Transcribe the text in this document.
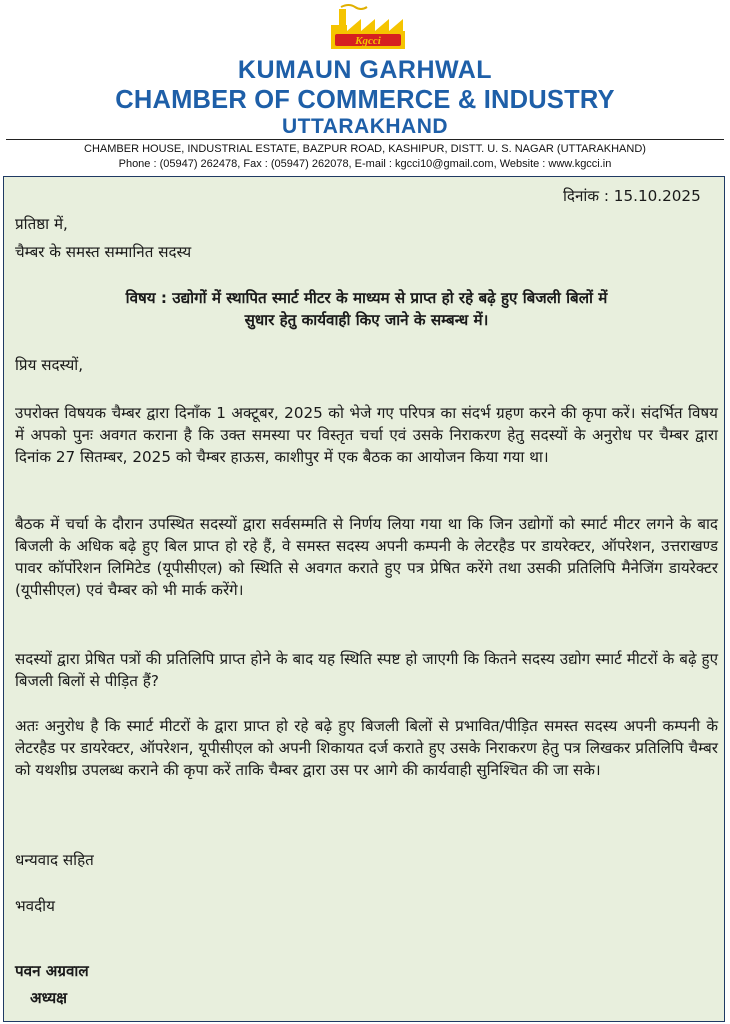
Kgcci
KUMAUN GARHWAL
CHAMBER OF COMMERCE & INDUSTRY
UTTARAKHAND
CHAMBER HOUSE, INDUSTRIAL ESTATE, BAZPUR ROAD, KASHIPUR, DISTT. U. S. NAGAR (UTTARAKHAND)
Phone : (05947) 262478, Fax : (05947) 262078, E-mail : kgcci10@gmail.com, Website : www.kgcci.in
दिनांक : 15.10.2025
प्रतिष्ठा में,
चैम्बर के समस्त सम्मानित सदस्य
विषय : उद्योगों में स्थापित स्मार्ट मीटर के माध्यम से प्राप्त हो रहे बढ़े हुए बिजली बिलों में
सुधार हेतु कार्यवाही किए जाने के सम्बन्ध में।
प्रिय सदस्यों,
उपरोक्त विषयक चैम्बर द्वारा दिनाँक 1 अक्टूबर, 2025 को भेजे गए परिपत्र का संदर्भ ग्रहण करने की कृपा करें। संदर्भित विषय में अपको पुनः अवगत कराना है कि उक्त समस्या पर विस्तृत चर्चा एवं उसके निराकरण हेतु सदस्यों के अनुरोध पर चैम्बर द्वारा दिनांक 27 सितम्बर, 2025 को चैम्बर हाऊस, काशीपुर में एक बैठक का आयोजन किया गया था।
बैठक में चर्चा के दौरान उपस्थित सदस्यों द्वारा सर्वसम्मति से निर्णय लिया गया था कि जिन उद्योगों को स्मार्ट मीटर लगने के बाद बिजली के अधिक बढ़े हुए बिल प्राप्त हो रहे हैं, वे समस्त सदस्य अपनी कम्पनी के लेटरहैड पर डायरेक्टर, ऑपरेशन, उत्तराखण्ड पावर कॉर्पोरेशन लिमिटेड (यूपीसीएल) को स्थिति से अवगत कराते हुए पत्र प्रेषित करेंगे तथा उसकी प्रतिलिपि मैनेजिंग डायरेक्टर (यूपीसीएल) एवं चैम्बर को भी मार्क करेंगे।
सदस्यों द्वारा प्रेषित पत्रों की प्रतिलिपि प्राप्त होने के बाद यह स्थिति स्पष्ट हो जाएगी कि कितने सदस्य उद्योग स्मार्ट मीटरों के बढ़े हुए बिजली बिलों से पीड़ित हैं?
अतः अनुरोध है कि स्मार्ट मीटरों के द्वारा प्राप्त हो रहे बढ़े हुए बिजली बिलों से प्रभावित/पीड़ित समस्त सदस्य अपनी कम्पनी के लेटरहैड पर डायरेक्टर, ऑपरेशन, यूपीसीएल को अपनी शिकायत दर्ज कराते हुए उसके निराकरण हेतु पत्र लिखकर प्रतिलिपि चैम्बर को यथशीघ्र उपलब्ध कराने की कृपा करें ताकि चैम्बर द्वारा उस पर आगे की कार्यवाही सुनिश्चित की जा सके।
धन्यवाद सहित
भवदीय
पवन अग्रवाल
अध्यक्ष
